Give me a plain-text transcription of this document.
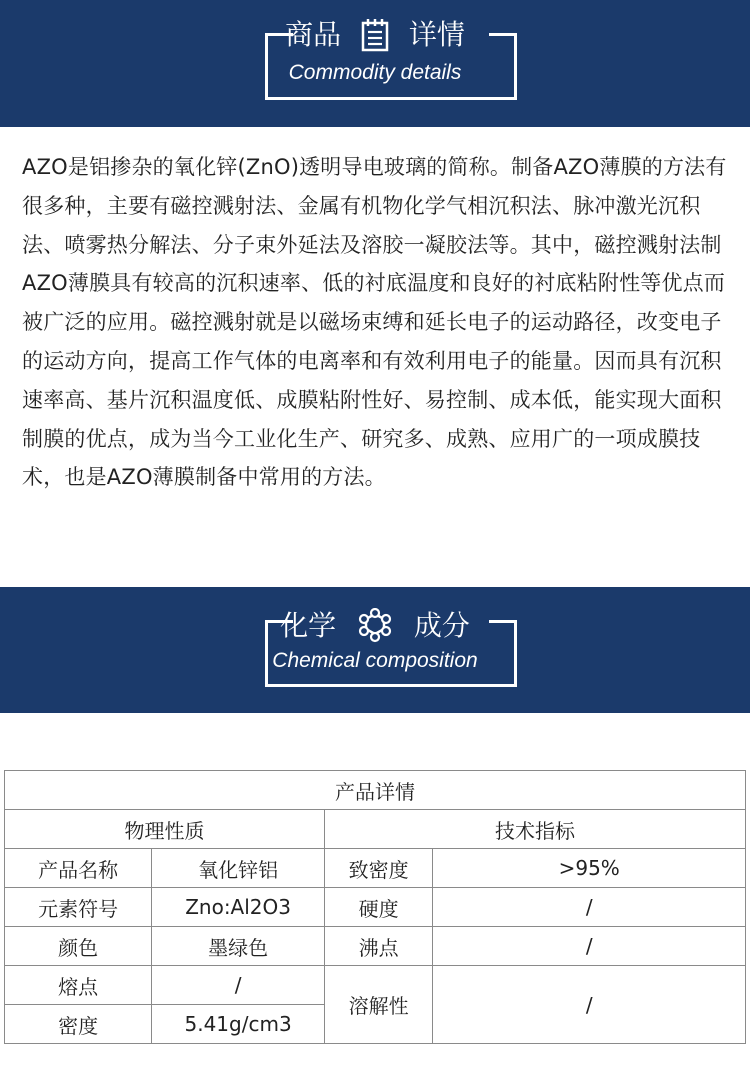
商品 详情
Commodity details
AZO是铝掺杂的氧化锌(ZnO)透明导电玻璃的简称。制备AZO薄膜的方法有很多种，主要有磁控溅射法、金属有机物化学气相沉积法、脉冲激光沉积法、喷雾热分解法、分子束外延法及溶胶一凝胶法等。其中，磁控溅射法制AZO薄膜具有较高的沉积速率、低的衬底温度和良好的衬底粘附性等优点而被广泛的应用。磁控溅射就是以磁场束缚和延长电子的运动路径，改变电子的运动方向，提高工作气体的电离率和有效利用电子的能量。因而具有沉积速率高、基片沉积温度低、成膜粘附性好、易控制、成本低，能实现大面积制膜的优点，成为当今工业化生产、研究多、成熟、应用广的一项成膜技术，也是AZO薄膜制备中常用的方法。
化学	成分
Chemical composition
产品详情			
物理性质		技术指标	
产品名称	氧化锌铝	致密度	>95%
元素符号	Zno:Al2O3	硬度	/
颜色	墨绿色	沸点	/
熔点	/	溶解性	/
密度	5.41g/cm3		
